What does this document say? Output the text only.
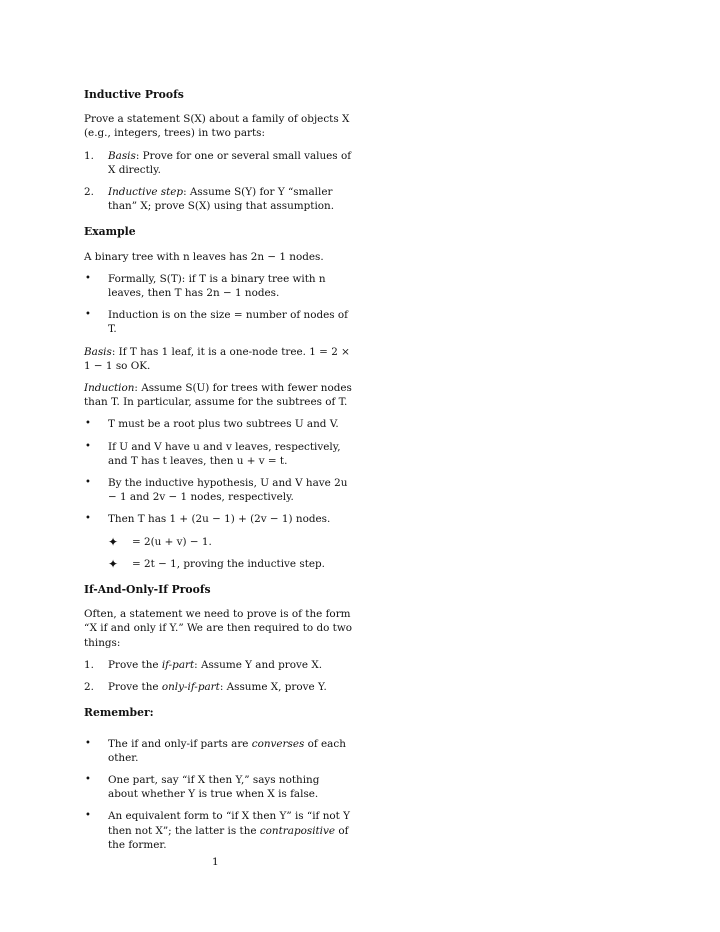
Inductive Proofs

Prove a statement S(X) about a family of objects X (e.g., integers, trees) in two parts:

1. Basis: Prove for one or several small values of X directly.
2. Inductive step: Assume S(Y) for Y “smaller than” X; prove S(X) using that assumption.
Example

A binary tree with n leaves has 2n − 1 nodes.

• Formally, S(T): if T is a binary tree with n leaves, then T has 2n − 1 nodes.
• Induction is on the size = number of nodes of T.

Basis: If T has 1 leaf, it is a one-node tree. 1 = 2 × 1 − 1 so OK.

Induction: Assume S(U) for trees with fewer nodes than T. In particular, assume for the subtrees of T.

• T must be a root plus two subtrees U and V.
• If U and V have u and v leaves, respectively, and T has t leaves, then u + v = t.
• By the inductive hypothesis, U and V have 2u − 1 and 2v − 1 nodes, respectively.
• Then T has 1 + (2u − 1) + (2v − 1) nodes.
✦ = 2(u + v) − 1.
✦ = 2t − 1, proving the inductive step.
If-And-Only-If Proofs

Often, a statement we need to prove is of the form “X if and only if Y.” We are then required to do two things:

1. Prove the if-part: Assume Y and prove X.
2. Prove the only-if-part: Assume X, prove Y.
Remember:
• The if and only-if parts are converses of each other.
• One part, say “if X then Y,” says nothing about whether Y is true when X is false.
• An equivalent form to “if X then Y” is “if not Y then not X”; the latter is the contrapositive of the former.
1
